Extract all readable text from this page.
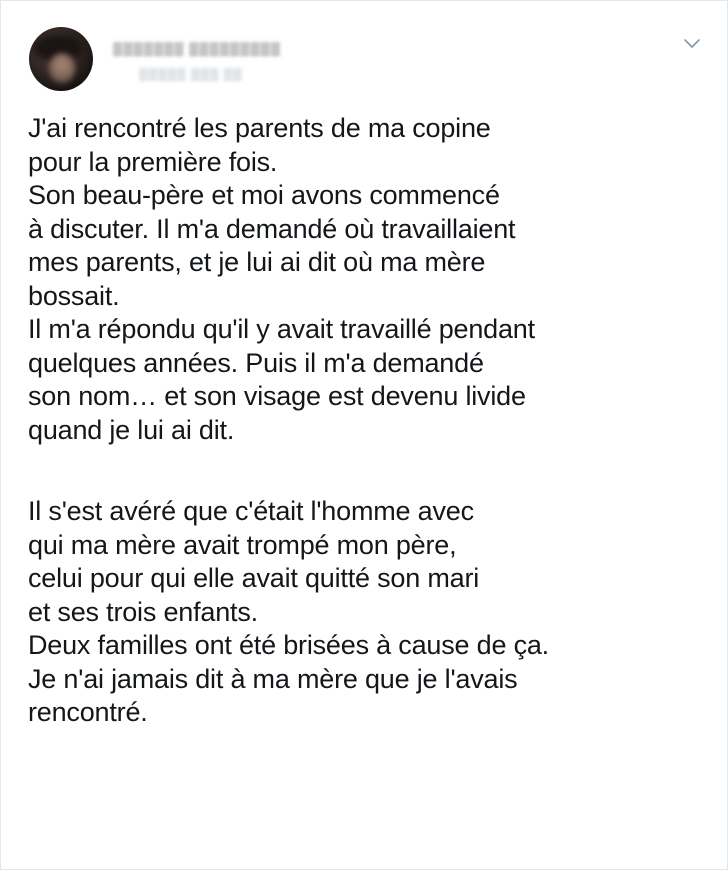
▒▒▒▒▒▒▒ ▒▒▒▒▒▒▒▒▒
▒▒▒▒▒ ▒▒▒ ▒▒
J'ai rencontré les parents de ma copine
pour la première fois.
Son beau-père et moi avons commencé
à discuter. Il m'a demandé où travaillaient
mes parents, et je lui ai dit où ma mère
bossait.
Il m'a répondu qu'il y avait travaillé pendant
quelques années. Puis il m'a demandé
son nom… et son visage est devenu livide
quand je lui ai dit.
Il s'est avéré que c'était l'homme avec
qui ma mère avait trompé mon père,
celui pour qui elle avait quitté son mari
et ses trois enfants.
Deux familles ont été brisées à cause de ça.
Je n'ai jamais dit à ma mère que je l'avais
rencontré.
